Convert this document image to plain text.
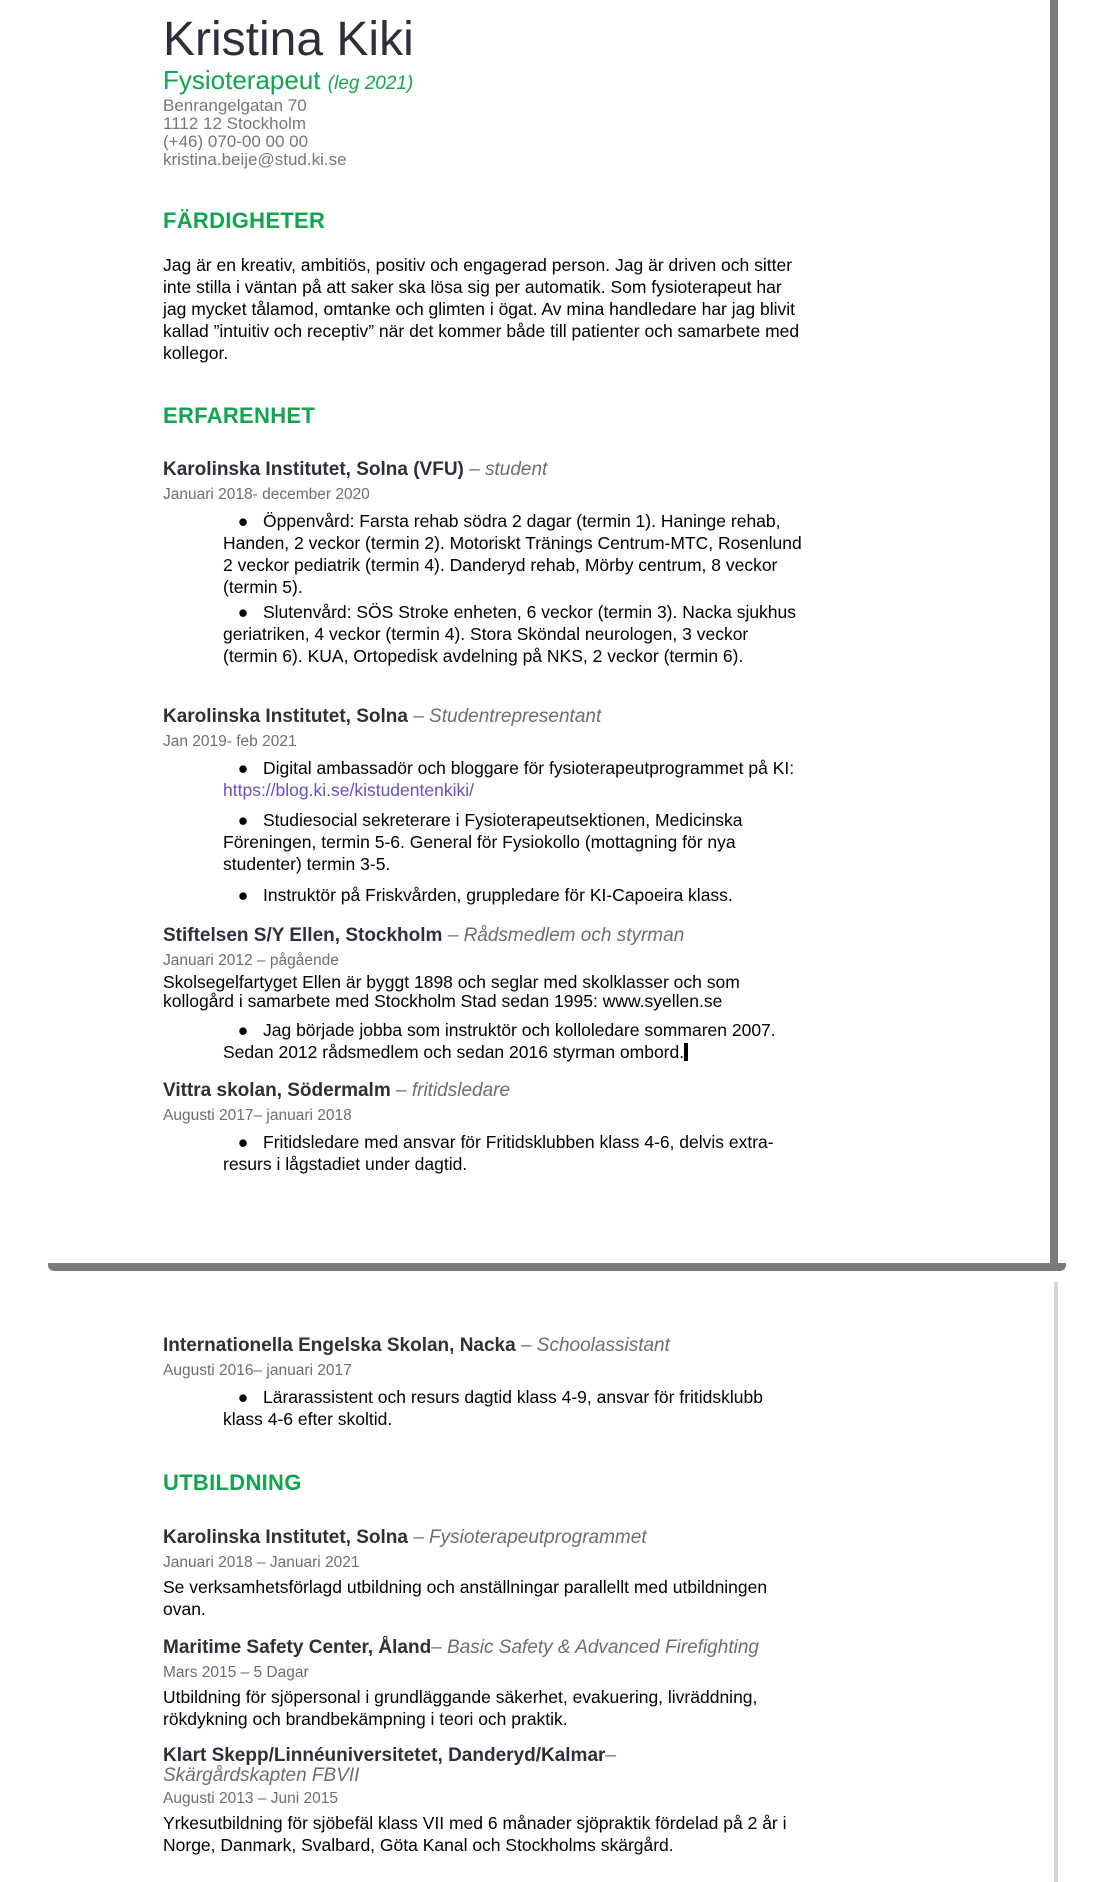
Kristina Kiki
Fysioterapeut (leg 2021)
Benrangelgatan 70
1112 12 Stockholm
(+46) 070-00 00 00
kristina.beije@stud.ki.se
FÄRDIGHETER
Jag är en kreativ, ambitiös, positiv och engagerad person. Jag är driven och sitter inte stilla i väntan på att saker ska lösa sig per automatik. Som fysioterapeut har jag mycket tålamod, omtanke och glimten i ögat. Av mina handledare har jag blivit kallad ”intuitiv och receptiv” när det kommer både till patienter och samarbete med kollegor.
ERFARENHET
Karolinska Institutet, Solna (VFU) – student
Januari 2018- december 2020
● Öppenvård: Farsta rehab södra 2 dagar (termin 1). Haninge rehab, Handen, 2 veckor (termin 2). Motoriskt Tränings Centrum-MTC, Rosenlund 2 veckor pediatrik (termin 4). Danderyd rehab, Mörby centrum, 8 veckor (termin 5).
● Slutenvård: SÖS Stroke enheten, 6 veckor (termin 3). Nacka sjukhus geriatriken, 4 veckor (termin 4). Stora Sköndal neurologen, 3 veckor (termin 6). KUA, Ortopedisk avdelning på NKS, 2 veckor (termin 6).
Karolinska Institutet, Solna – Studentrepresentant
Jan 2019- feb 2021
● Digital ambassadör och bloggare för fysioterapeutprogrammet på KI: https://blog.ki.se/kistudentenkiki/
● Studiesocial sekreterare i Fysioterapeutsektionen, Medicinska Föreningen, termin 5-6. General för Fysiokollo (mottagning för nya studenter) termin 3-5.
● Instruktör på Friskvården, gruppledare för KI-Capoeira klass.
Stiftelsen S/Y Ellen, Stockholm – Rådsmedlem och styrman
Januari 2012 – pågående
Skolsegelfartyget Ellen är byggt 1898 och seglar med skolklasser och som kollogård i samarbete med Stockholm Stad sedan 1995: www.syellen.se
● Jag började jobba som instruktör och kolloledare sommaren 2007. Sedan 2012 rådsmedlem och sedan 2016 styrman ombord.
Vittra skolan, Södermalm – fritidsledare
Augusti 2017– januari 2018
● Fritidsledare med ansvar för Fritidsklubben klass 4-6, delvis extra-resurs i lågstadiet under dagtid.
Internationella Engelska Skolan, Nacka – Schoolassistant
Augusti 2016– januari 2017
● Lärarassistent och resurs dagtid klass 4-9, ansvar för fritidsklubb klass 4-6 efter skoltid.
UTBILDNING
Karolinska Institutet, Solna – Fysioterapeutprogrammet
Januari 2018 – Januari 2021
Se verksamhetsförlagd utbildning och anställningar parallellt med utbildningen ovan.
Maritime Safety Center, Åland– Basic Safety & Advanced Firefighting
Mars 2015 – 5 Dagar
Utbildning för sjöpersonal i grundläggande säkerhet, evakuering, livräddning, rökdykning och brandbekämpning i teori och praktik.
Klart Skepp/Linnéuniversitetet, Danderyd/Kalmar–
Skärgårdskapten FBVII
Augusti 2013 – Juni 2015
Yrkesutbildning för sjöbefäl klass VII med 6 månader sjöpraktik fördelad på 2 år i Norge, Danmark, Svalbard, Göta Kanal och Stockholms skärgård.
